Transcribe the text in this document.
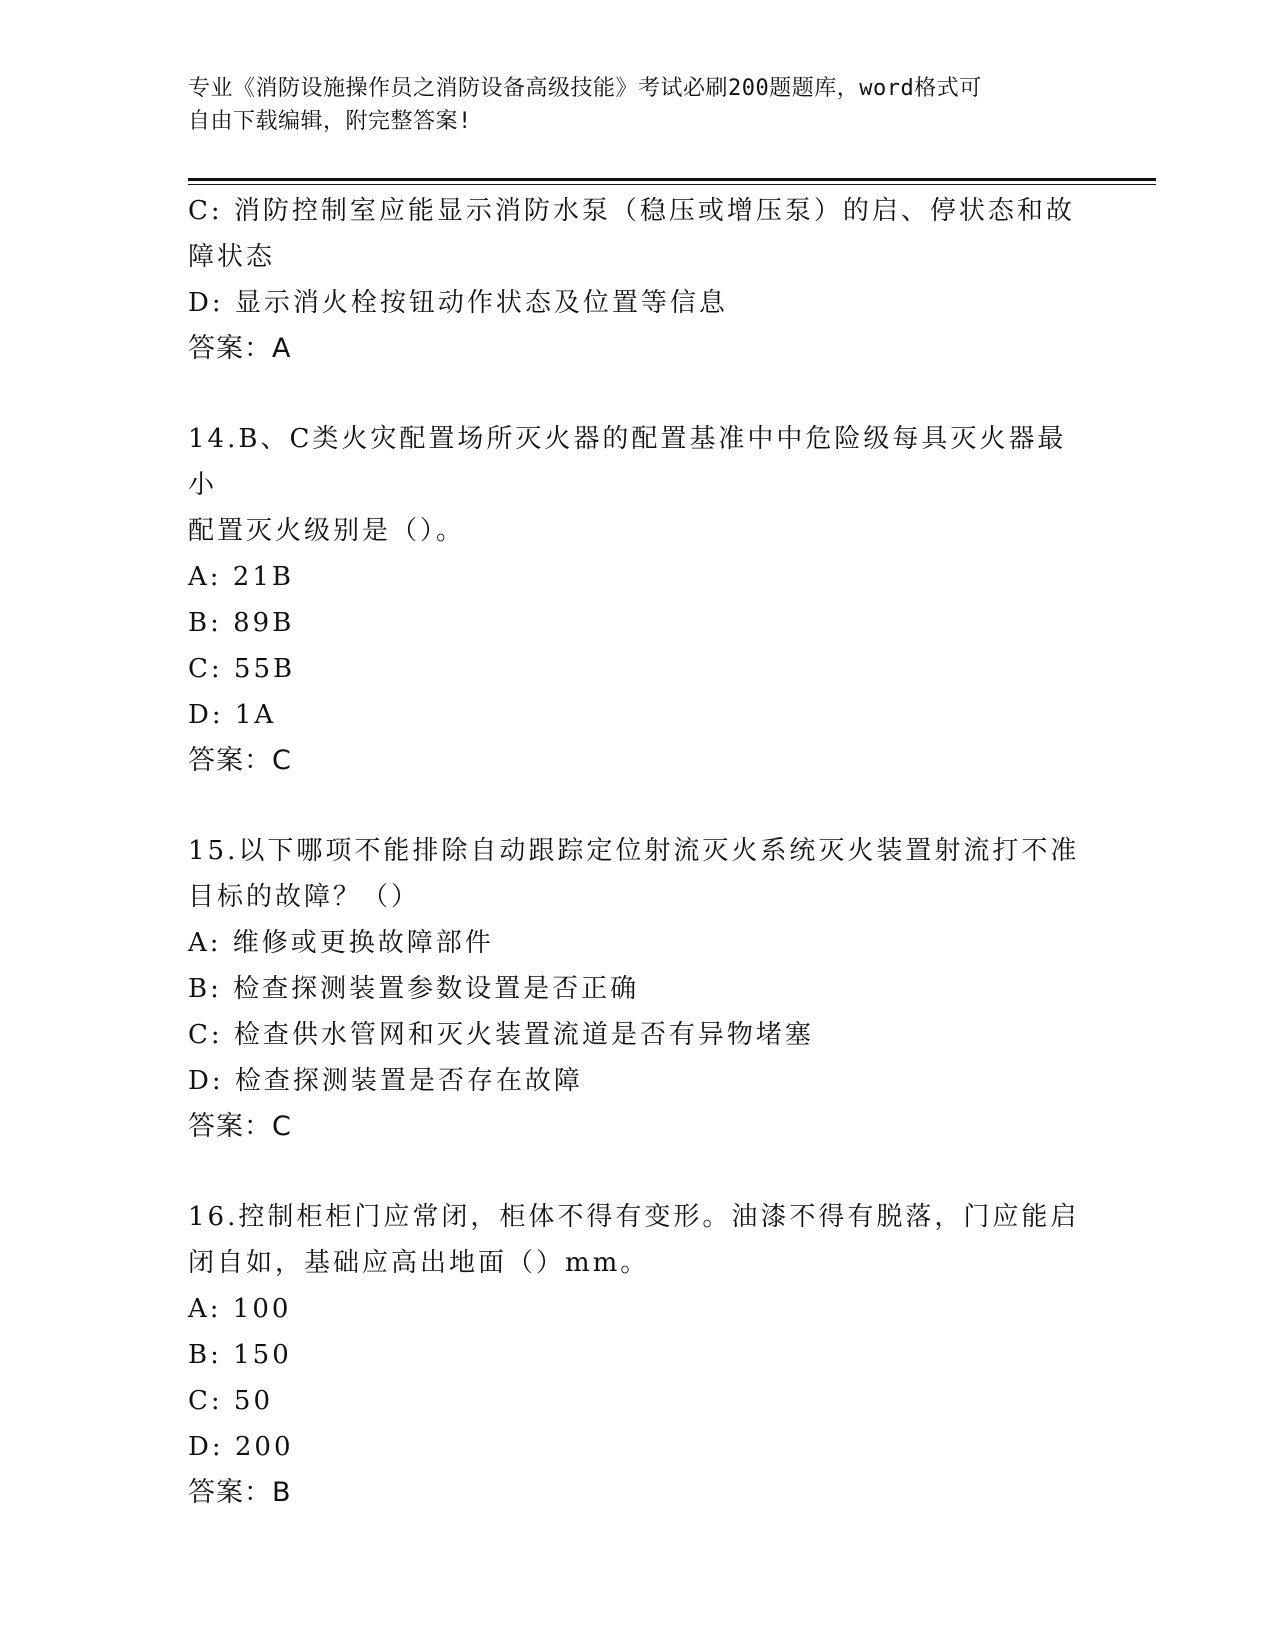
专业《消防设施操作员之消防设备高级技能》考试必刷200题题库，word格式可
自由下载编辑，附完整答案!

C: 消防控制室应能显示消防水泵（稳压或增压泵）的启、停状态和故

障状态

D: 显示消火栓按钮动作状态及位置等信息

答案：A

14.B、C类火灾配置场所灭火器的配置基准中中危险级每具灭火器最小

配置灭火级别是（）。

A: 21B

B: 89B

C: 55B

D: 1A

答案：C

15.以下哪项不能排除自动跟踪定位射流灭火系统灭火装置射流打不准

目标的故障？（）

A: 维修或更换故障部件

B: 检查探测装置参数设置是否正确

C: 检查供水管网和灭火装置流道是否有异物堵塞

D: 检查探测装置是否存在故障

答案：C

16.控制柜柜门应常闭，柜体不得有变形。油漆不得有脱落，门应能启

闭自如，基础应高出地面（）mm。

A: 100

B: 150

C: 50

D: 200

答案：B
